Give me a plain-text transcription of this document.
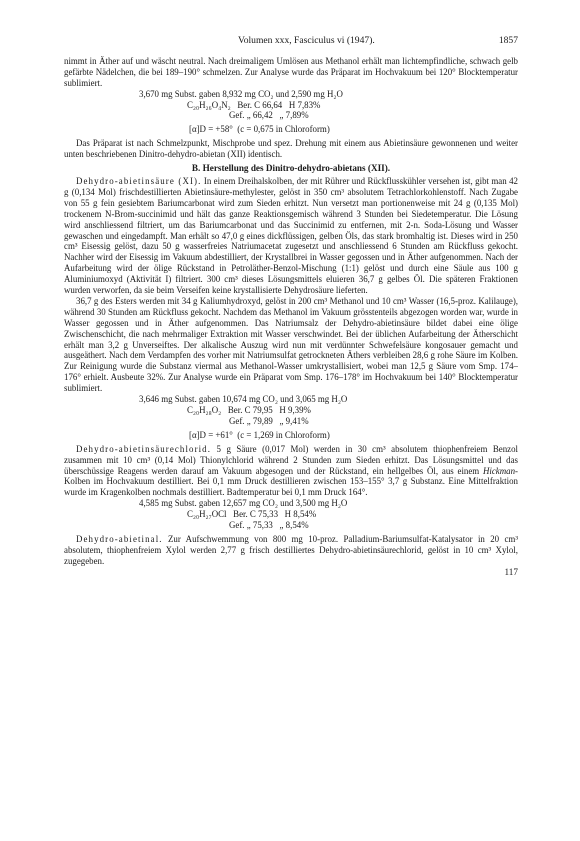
Volumen xxx, Fasciculus vi (1947).	1857

nimmt in Äther auf und wäscht neutral. Nach dreimaligem Umlösen aus Methanol erhält man lichtempfindliche, schwach gelb gefärbte Nädelchen, die bei 189–190° schmelzen. Zur Analyse wurde das Präparat im Hochvakuum bei 120° Blocktemperatur sublimiert.

3,670 mg Subst. gaben 8,932 mg CO₂ und 2,590 mg H₂O
C₂₀H₂₆O₄N₂   Ber. C 66,64   H 7,83%
Gef. „ 66,42   „ 7,89%
[α]D = +58°  (c = 0,675 in Chloroform)

Das Präparat ist nach Schmelzpunkt, Mischprobe und spez. Drehung mit einem aus Abietinsäure gewonnenen und weiter unten beschriebenen Dinitro-dehydro-abietan (XII) identisch.

B. Herstellung des Dinitro-dehydro-abietans (XII).

Dehydro-abietinsäure (XI). In einem Dreihalskolben, der mit Rührer und Rückflusskühler versehen ist, gibt man 42 g (0,134 Mol) frischdestillierten Abietinsäure-methylester, gelöst in 350 cm³ absolutem Tetrachlorkohlenstoff. Nach Zugabe von 55 g fein gesiebtem Bariumcarbonat wird zum Sieden erhitzt. Nun versetzt man portionenweise mit 24 g (0,135 Mol) trockenem N-Brom-succinimid und hält das ganze Reaktionsgemisch während 3 Stunden bei Siedetemperatur. Die Lösung wird anschliessend filtriert, um das Bariumcarbonat und das Succinimid zu entfernen, mit 2-n. Soda-Lösung und Wasser gewaschen und eingedampft. Man erhält so 47,0 g eines dickflüssigen, gelben Öls, das stark bromhaltig ist. Dieses wird in 250 cm³ Eisessig gelöst, dazu 50 g wasserfreies Natriumacetat zugesetzt und anschliessend 6 Stunden am Rückfluss gekocht. Nachher wird der Eisessig im Vakuum abdestilliert, der Krystallbrei in Wasser gegossen und in Äther aufgenommen. Nach der Aufarbeitung wird der ölige Rückstand in Petroläther-Benzol-Mischung (1:1) gelöst und durch eine Säule aus 100 g Aluminiumoxyd (Aktivität I) filtriert. 300 cm³ dieses Lösungsmittels eluieren 36,7 g gelbes Öl. Die späteren Fraktionen wurden verworfen, da sie beim Verseifen keine krystallisierte Dehydrosäure lieferten.

36,7 g des Esters werden mit 34 g Kaliumhydroxyd, gelöst in 200 cm³ Methanol und 10 cm³ Wasser (16,5-proz. Kalilauge), während 30 Stunden am Rückfluss gekocht. Nachdem das Methanol im Vakuum grösstenteils abgezogen worden war, wurde in Wasser gegossen und in Äther aufgenommen. Das Natriumsalz der Dehydro-abietinsäure bildet dabei eine ölige Zwischenschicht, die nach mehrmaliger Extraktion mit Wasser verschwindet. Bei der üblichen Aufarbeitung der Ätherschicht erhält man 3,2 g Unverseiftes. Der alkalische Auszug wird nun mit verdünnter Schwefelsäure kongosauer gemacht und ausgeäthert. Nach dem Verdampfen des vorher mit Natriumsulfat getrockneten Äthers verbleiben 28,6 g rohe Säure im Kolben. Zur Reinigung wurde die Substanz viermal aus Methanol-Wasser umkrystallisiert, wobei man 12,5 g Säure vom Smp. 174–176° erhielt. Ausbeute 32%. Zur Analyse wurde ein Präparat vom Smp. 176–178° im Hochvakuum bei 140° Blocktemperatur sublimiert.

3,646 mg Subst. gaben 10,674 mg CO₂ und 3,065 mg H₂O
C₂₀H₂₈O₂   Ber. C 79,95   H 9,39%
Gef. „ 79,89   „ 9,41%
[α]D = +61°  (c = 1,269 in Chloroform)

Dehydro-abietinsäurechlorid. 5 g Säure (0,017 Mol) werden in 30 cm³ absolutem thiophenfreiem Benzol zusammen mit 10 cm³ (0,14 Mol) Thionylchlorid während 2 Stunden zum Sieden erhitzt. Das Lösungsmittel und das überschüssige Reagens werden darauf am Vakuum abgesogen und der Rückstand, ein hellgelbes Öl, aus einem Hickman-Kolben im Hochvakuum destilliert. Bei 0,1 mm Druck destillieren zwischen 153–155° 3,7 g Substanz. Eine Mittelfraktion wurde im Kragenkolben nochmals destilliert. Badtemperatur bei 0,1 mm Druck 164°.

4,585 mg Subst. gaben 12,657 mg CO₂ und 3,500 mg H₂O
C₂₀H₂₇OCl   Ber. C 75,33   H 8,54%
Gef. „ 75,33   „ 8,54%

Dehydro-abietinal. Zur Aufschwemmung von 800 mg 10-proz. Palladium-Bariumsulfat-Katalysator in 20 cm³ absolutem, thiophenfreiem Xylol werden 2,77 g frisch destilliertes Dehydro-abietinsäurechlorid, gelöst in 10 cm³ Xylol, zugegeben.

117
